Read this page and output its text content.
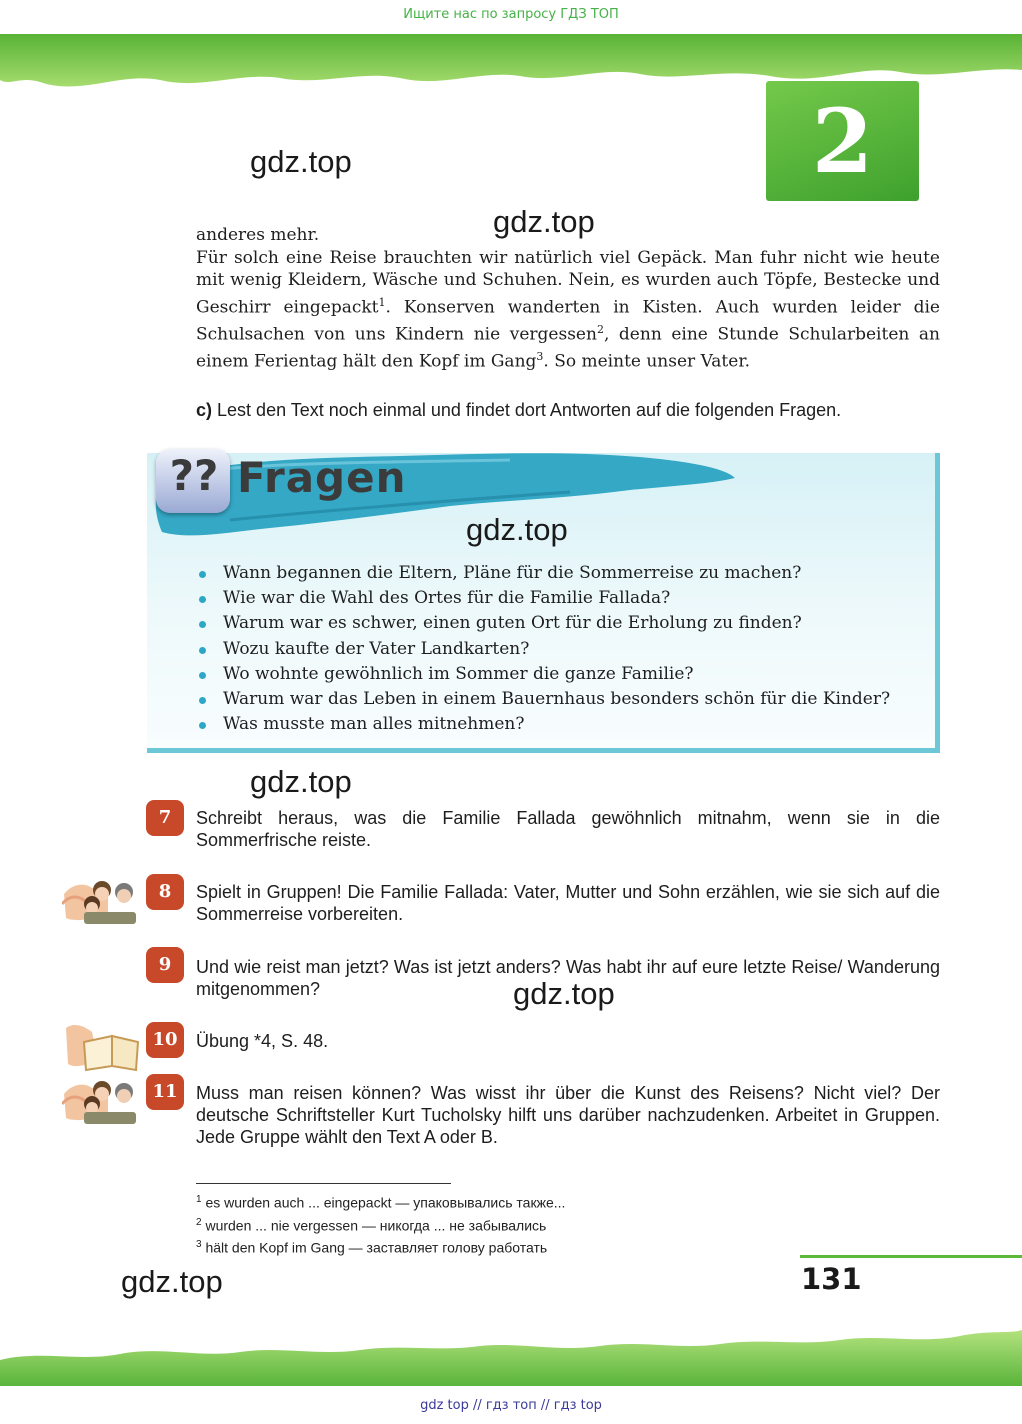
Ищите нас по запросу ГДЗ ТОП
2
gdz.top
gdz.top
anderes mehr.
Für solch eine Reise brauchten wir natürlich viel Gepäck. Man fuhr nicht wie heute mit wenig Kleidern, Wäsche und Schuhen. Nein, es wurden auch Töpfe, Bestecke und Geschirr eingepackt$^1$. Konserven wanderten in Kisten. Auch wurden leider die Schulsachen von uns Kindern nie vergessen$^2$, denn eine Stunde Schularbeiten an einem Ferientag hält den Kopf im Gang$^3$. So meinte unser Vater.
c) Lest den Text noch einmal und findet dort Antworten auf die folgenden Fragen.
?? Fragen
gdz.top
Wann begannen die Eltern, Pläne für die Sommerreise zu machen?
Wie war die Wahl des Ortes für die Familie Fallada?
Warum war es schwer, einen guten Ort für die Erholung zu finden?
Wozu kaufte der Vater Landkarten?
Wo wohnte gewöhnlich im Sommer die ganze Familie?
Warum war das Leben in einem Bauernhaus besonders schön für die Kinder?
Was musste man alles mitnehmen?
gdz.top
7	Schreibt heraus, was die Familie Fallada gewöhnlich mitnahm, wenn sie in die Sommerfrische reiste.
8	Spielt in Gruppen! Die Familie Fallada: Vater, Mutter und Sohn erzählen, wie sie sich auf die Sommerreise vorbereiten.
9	Und wie reist man jetzt? Was ist jetzt anders? Was habt ihr auf eure letzte Reise/ Wanderung mitgenommen?	gdz.top
10	Übung *4, S. 48.
11	Muss man reisen können? Was wisst ihr über die Kunst des Reisens? Nicht viel? Der deutsche Schriftsteller Kurt Tucholsky hilft uns darüber nachzudenken. Arbeitet in Gruppen. Jede Gruppe wählt den Text A oder B.
$^1$ es wurden auch ... eingepackt — упаковывались также...
$^2$ wurden ... nie vergessen — никогда ... не забывались
$^3$ hält den Kopf im Gang — заставляет голову работать
gdz.top	131
gdz top // гдз топ // гдз top
